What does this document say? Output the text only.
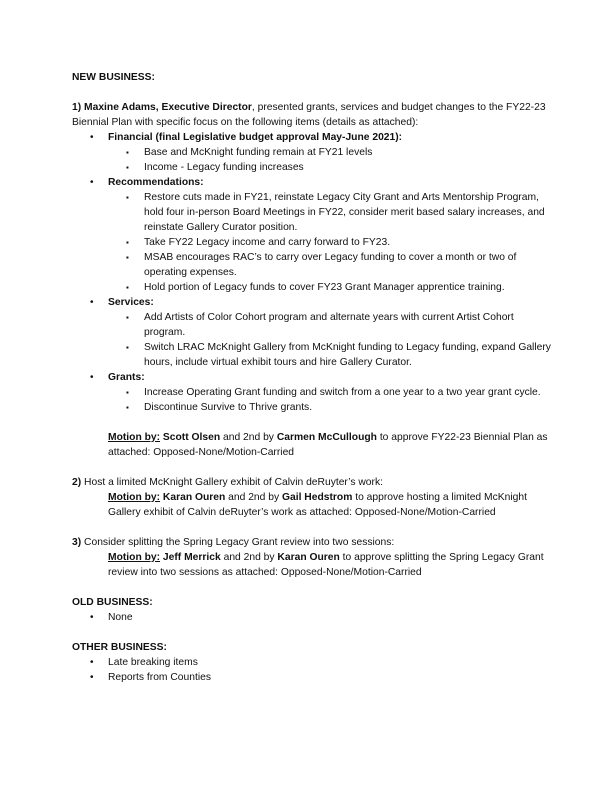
NEW BUSINESS:

1) Maxine Adams, Executive Director, presented grants, services and budget changes to the FY22-23 Biennial Plan with specific focus on the following items (details as attached):

• Financial (final Legislative budget approval May-June 2021):

▪ Base and McKnight funding remain at FY21 levels

▪ Income - Legacy funding increases

• Recommendations:

▪ Restore cuts made in FY21, reinstate Legacy City Grant and Arts Mentorship Program, hold four in-person Board Meetings in FY22, consider merit based salary increases, and reinstate Gallery Curator position.

▪ Take FY22 Legacy income and carry forward to FY23.

▪ MSAB encourages RAC’s to carry over Legacy funding to cover a month or two of operating expenses.

▪ Hold portion of Legacy funds to cover FY23 Grant Manager apprentice training.

• Services:

▪ Add Artists of Color Cohort program and alternate years with current Artist Cohort program.

▪ Switch LRAC McKnight Gallery from McKnight funding to Legacy funding, expand Gallery hours, include virtual exhibit tours and hire Gallery Curator.

• Grants:

▪ Increase Operating Grant funding and switch from a one year to a two year grant cycle.

▪ Discontinue Survive to Thrive grants.

Motion by: Scott Olsen and 2nd by Carmen McCullough to approve FY22-23 Biennial Plan as attached: Opposed-None/Motion-Carried

2) Host a limited McKnight Gallery exhibit of Calvin deRuyter’s work:

Motion by: Karan Ouren and 2nd by Gail Hedstrom to approve hosting a limited McKnight Gallery exhibit of Calvin deRuyter’s work as attached: Opposed-None/Motion-Carried

3) Consider splitting the Spring Legacy Grant review into two sessions:

Motion by: Jeff Merrick and 2nd by Karan Ouren to approve splitting the Spring Legacy Grant review into two sessions as attached: Opposed-None/Motion-Carried

OLD BUSINESS:

• None

OTHER BUSINESS:

• Late breaking items

• Reports from Counties
